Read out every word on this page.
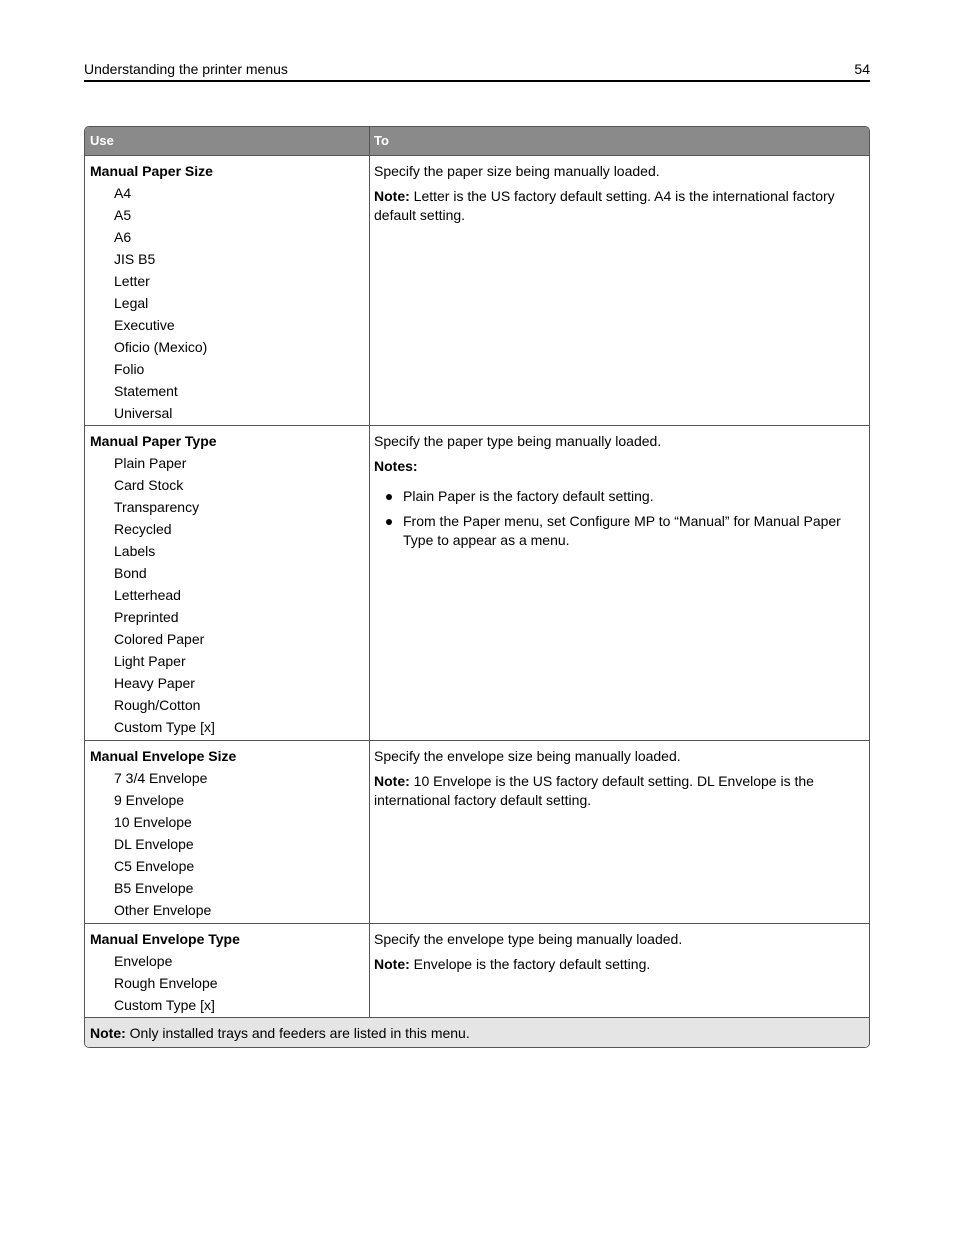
Understanding the printer menus	54
Use	To
Manual Paper Size
A4
A5
A6
JIS B5
Letter
Legal
Executive
Oficio (Mexico)
Folio
Statement
Universal

Specify the paper size being manually loaded.

Note: Letter is the US factory default setting. A4 is the international factory default setting.

Manual Paper Type
Plain Paper
Card Stock
Transparency
Recycled
Labels
Bond
Letterhead
Preprinted
Colored Paper
Light Paper
Heavy Paper
Rough/Cotton
Custom Type [x]

Specify the paper type being manually loaded.

Notes:

Plain Paper is the factory default setting.
From the Paper menu, set Configure MP to “Manual” for Manual Paper Type to appear as a menu.
Manual Envelope Size
7 3/4 Envelope
9 Envelope
10 Envelope
DL Envelope
C5 Envelope
B5 Envelope
Other Envelope

Specify the envelope size being manually loaded.

Note: 10 Envelope is the US factory default setting. DL Envelope is the international factory default setting.

Manual Envelope Type
Envelope
Rough Envelope
Custom Type [x]

Specify the envelope type being manually loaded.

Note: Envelope is the factory default setting.

Note: Only installed trays and feeders are listed in this menu.
